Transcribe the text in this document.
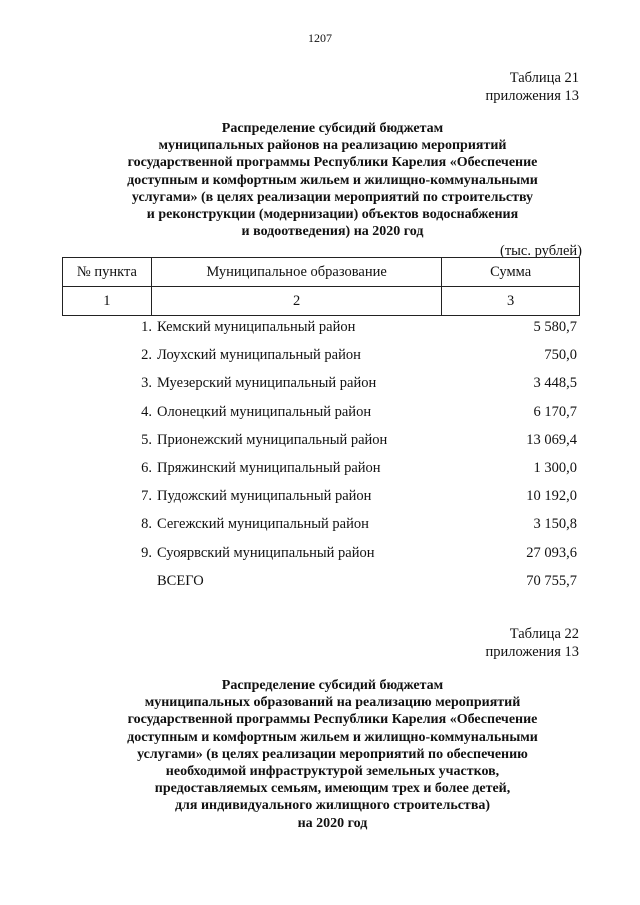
1207
Таблица 21
приложения 13
Распределение субсидий бюджетам
муниципальных районов на реализацию мероприятий
государственной программы Республики Карелия «Обеспечение
доступным и комфортным жильем и жилищно-коммунальными
услугами» (в целях реализации мероприятий по строительству
и реконструкции (модернизации) объектов водоснабжения
и водоотведения) на 2020 год
(тыс. рублей)
№ пункта	Муниципальное образование	Сумма
1	2	3
1. Кемский муниципальный район	5 580,7
2. Лоухский муниципальный район	750,0
3. Муезерский муниципальный район	3 448,5
4. Олонецкий муниципальный район	6 170,7
5. Прионежский муниципальный район	13 069,4
6. Пряжинский муниципальный район	1 300,0
7. Пудожский муниципальный район	10 192,0
8. Сегежский муниципальный район	3 150,8
9. Суоярвский муниципальный район	27 093,6
ВСЕГО	70 755,7
Таблица 22
приложения 13
Распределение субсидий бюджетам
муниципальных образований на реализацию мероприятий
государственной программы Республики Карелия «Обеспечение
доступным и комфортным жильем и жилищно-коммунальными
услугами» (в целях реализации мероприятий по обеспечению
необходимой инфраструктурой земельных участков,
предоставляемых семьям, имеющим трех и более детей,
для индивидуального жилищного строительства)
на 2020 год
